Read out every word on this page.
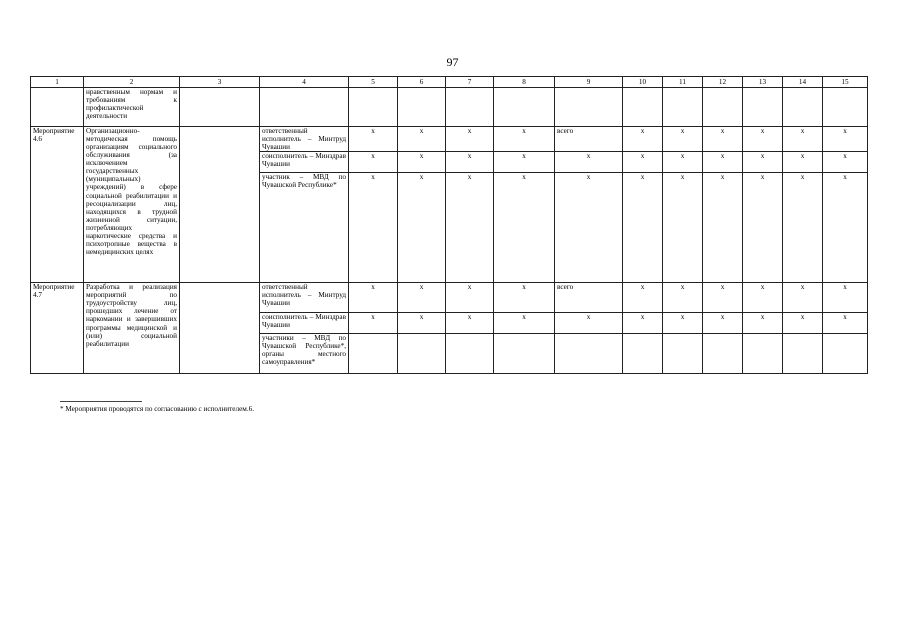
97
1	2	3	4	5	6	7	8	9	10	11	12	13	14	15
	нравственным нормам и требованиям к профилактической деятельности													
Мероприятие 4.6	Организационно-методическая помощь организациям социального обслуживания (за исключением государственных (муниципальных) учреждений) в сфере социальной реабилитации и ресоциализации лиц, находящихся в трудной жизненной ситуации, потребляющих наркотические средства и психотропные вещества в немедицинских целях		ответственный исполнитель – Минтруд Чувашии	x	x	x	x	всего	x	x	x	x	x	x
			соисполнитель – Минздрав Чувашии	x	x	x	x	x	x	x	x	x	x	x
			участник – МВД по Чувашской Республике*	x	x	x	x	x	x	x	x	x	x	x
Мероприятие 4.7	Разработка и реализация мероприятий по трудоустройству лиц, прошедших лечение от наркомании и завершивших программы медицинской и (или) социальной реабилитации		ответственный исполнитель – Минтруд Чувашии	x	x	x	x	всего	x	x	x	x	x	x
			соисполнитель – Минздрав Чувашии	x	x	x	x	x	x	x	x	x	x	x
			участники – МВД по Чувашской Республике*, органы местного самоуправления*											
* Мероприятия проводятся по согласованию с исполнителем.6.
